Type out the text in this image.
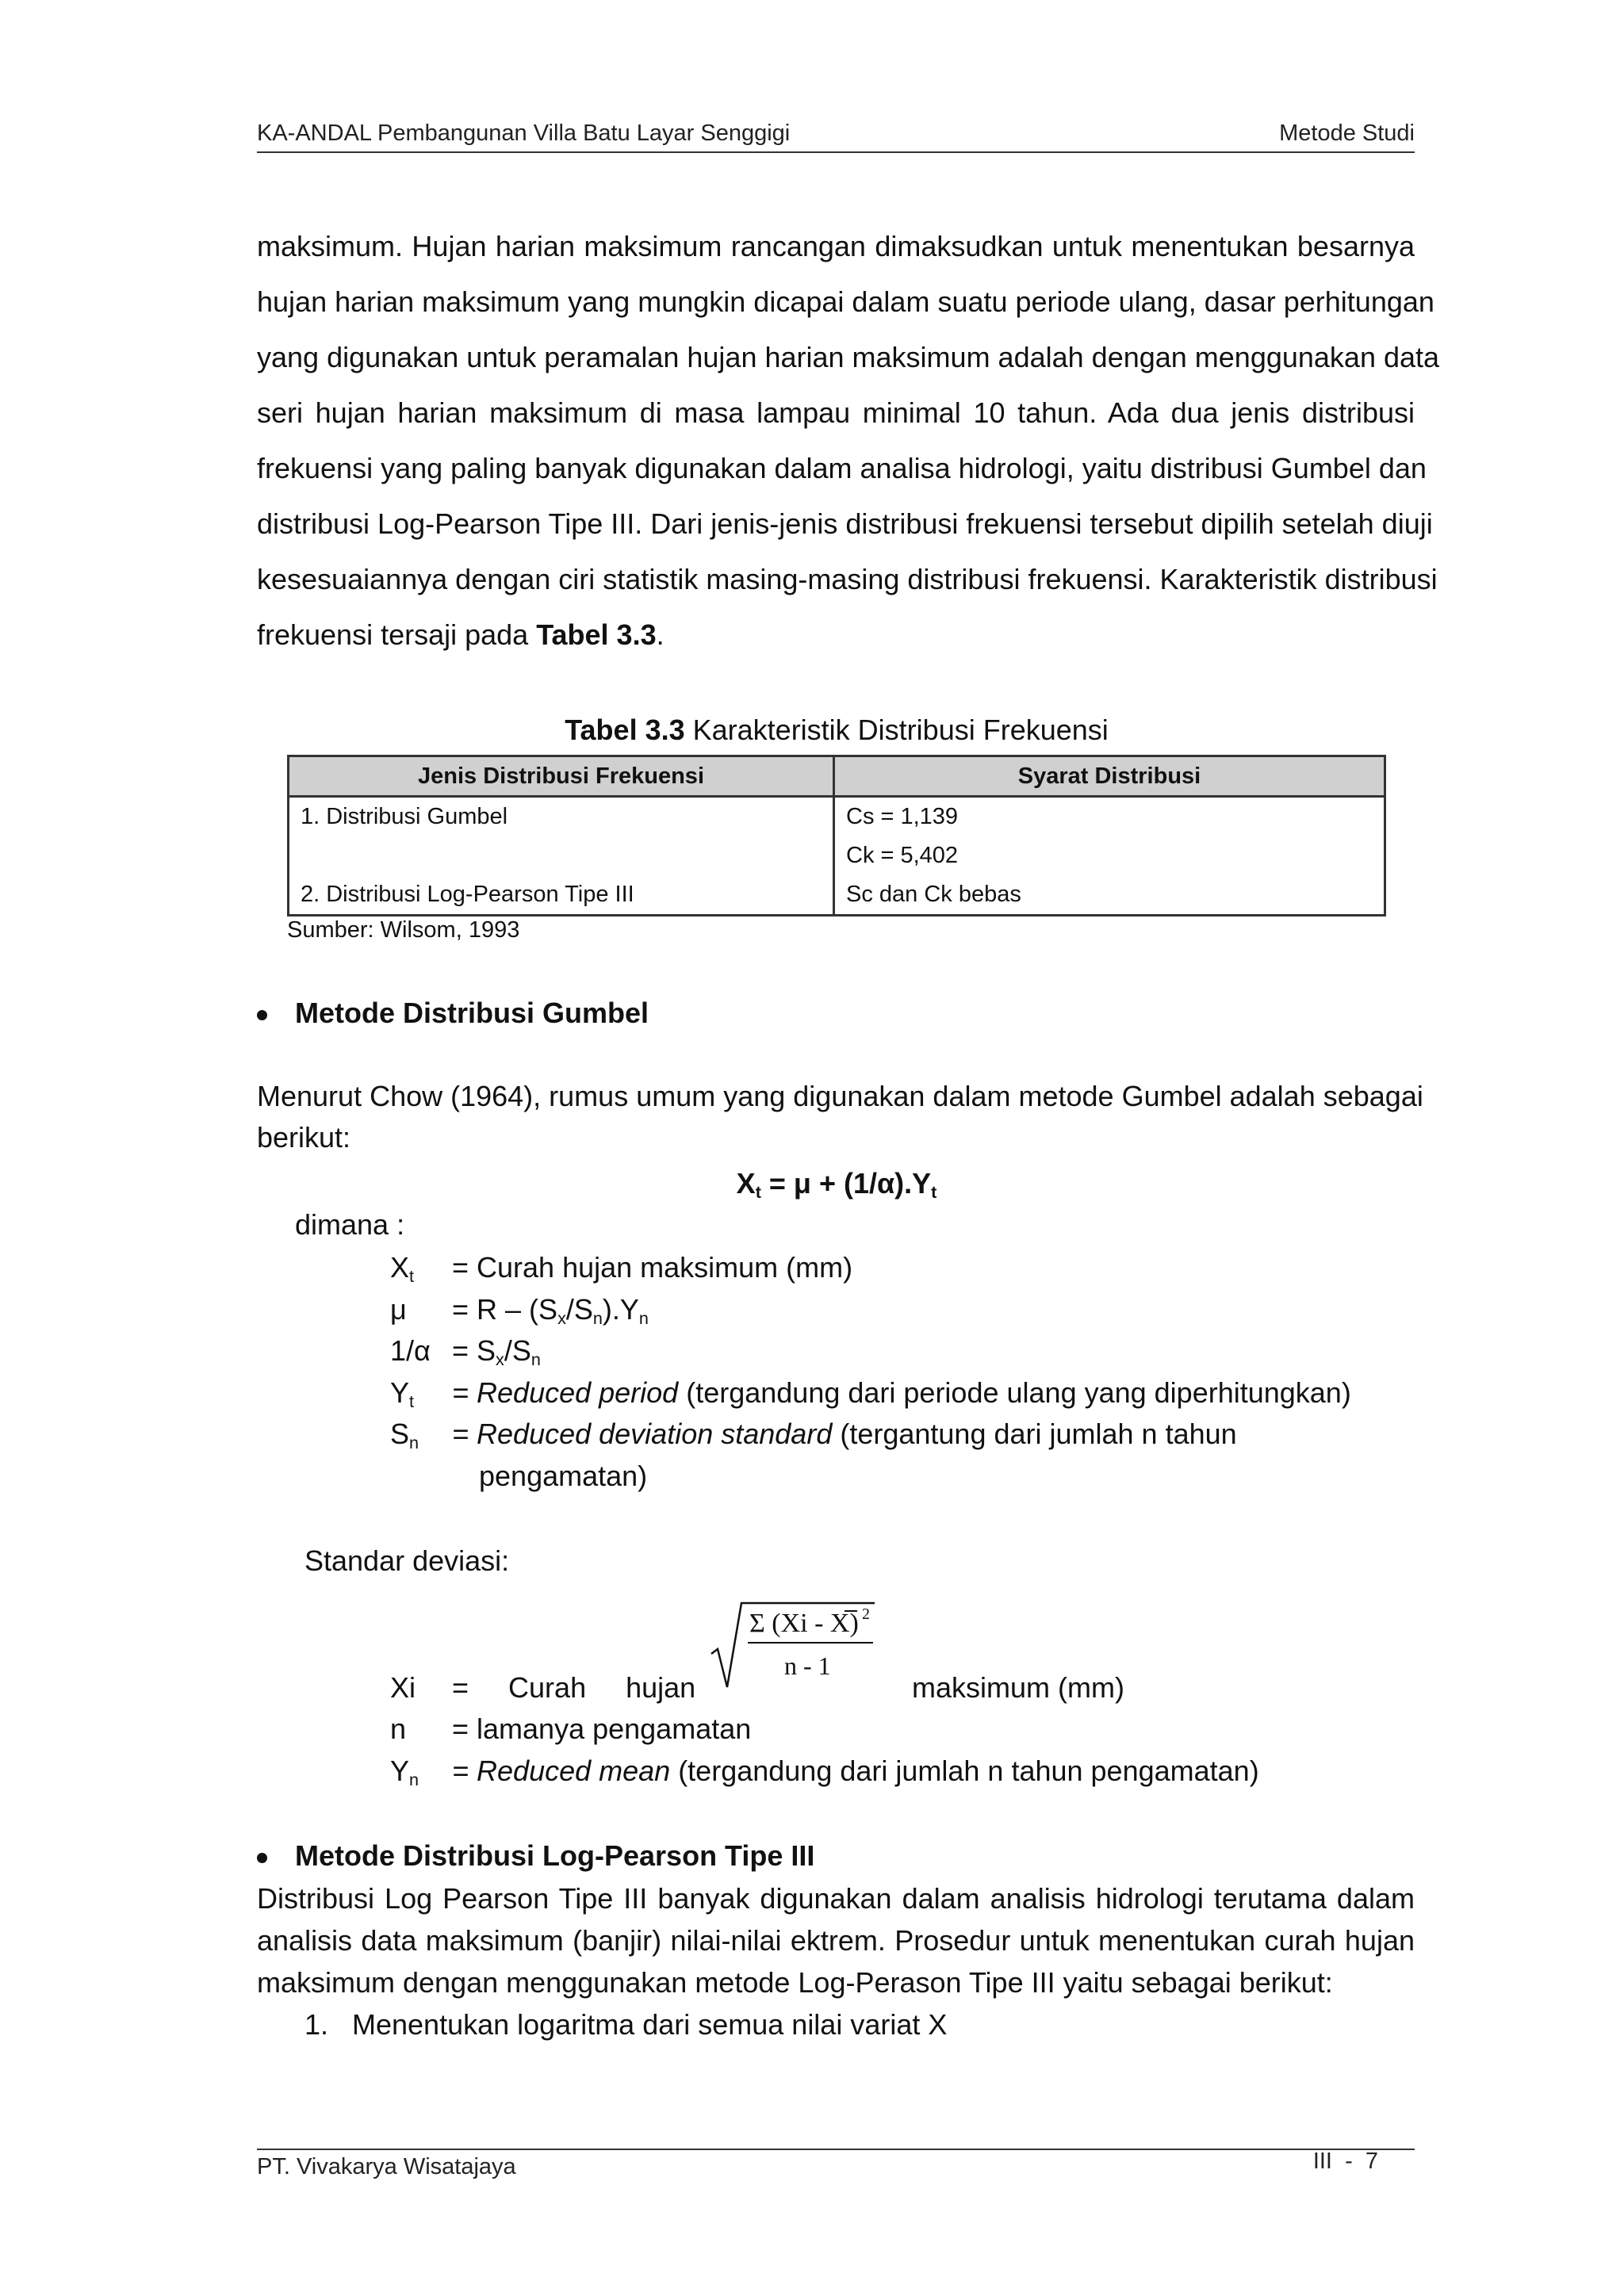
KA-ANDAL Pembangunan Villa Batu Layar Senggigi	Metode Studi
maksimum. Hujan harian maksimum rancangan dimaksudkan untuk menentukan besarnya
hujan harian maksimum yang mungkin dicapai dalam suatu periode ulang, dasar perhitungan
yang digunakan untuk peramalan hujan harian maksimum adalah dengan menggunakan data
seri hujan harian maksimum di masa lampau minimal 10 tahun. Ada dua jenis distribusi
frekuensi yang paling banyak digunakan dalam analisa hidrologi, yaitu distribusi Gumbel dan
distribusi Log-Pearson Tipe III. Dari jenis-jenis distribusi frekuensi tersebut dipilih setelah diuji
kesesuaiannya dengan ciri statistik masing-masing distribusi frekuensi. Karakteristik distribusi
frekuensi tersaji pada Tabel 3.3.
Tabel 3.3 Karakteristik Distribusi Frekuensi
Jenis Distribusi Frekuensi	Syarat Distribusi
1. Distribusi Gumbel	Cs = 1,139
	Ck = 5,402
2. Distribusi Log-Pearson Tipe III	Sc dan Ck bebas
Sumber: Wilsom, 1993
Metode Distribusi Gumbel
Menurut Chow (1964), rumus umum yang digunakan dalam metode Gumbel adalah sebagai
berikut:
$X_t = \mu + (1/\alpha).Y_t$
dimana :
$X_t$ = Curah hujan maksimum (mm)
$\mu = R - (S_x/S_n).Y_n$
$1/\alpha = S_x/S_n$
$Y_t$ = Reduced period (tergandung dari periode ulang yang diperhitungkan)
$S_n$ = Reduced deviation standard (tergantung dari jumlah n tahun
pengamatan)
Standar deviasi:
Σ (Xi - X) 2
n - 1
Xi =     Curah     hujan	maksimum (mm)
n = lamanya pengamatan
$Y_n$ = Reduced mean (tergandung dari jumlah n tahun pengamatan)
Metode Distribusi Log-Pearson Tipe III
Distribusi Log Pearson Tipe III banyak digunakan dalam analisis hidrologi terutama dalam
analisis data maksimum (banjir) nilai-nilai ektrem. Prosedur untuk menentukan curah hujan
maksimum dengan menggunakan metode Log-Perason Tipe III yaitu sebagai berikut:
1. Menentukan logaritma dari semua nilai variat X
PT. Vivakarya Wisatajaya	III  -  7
